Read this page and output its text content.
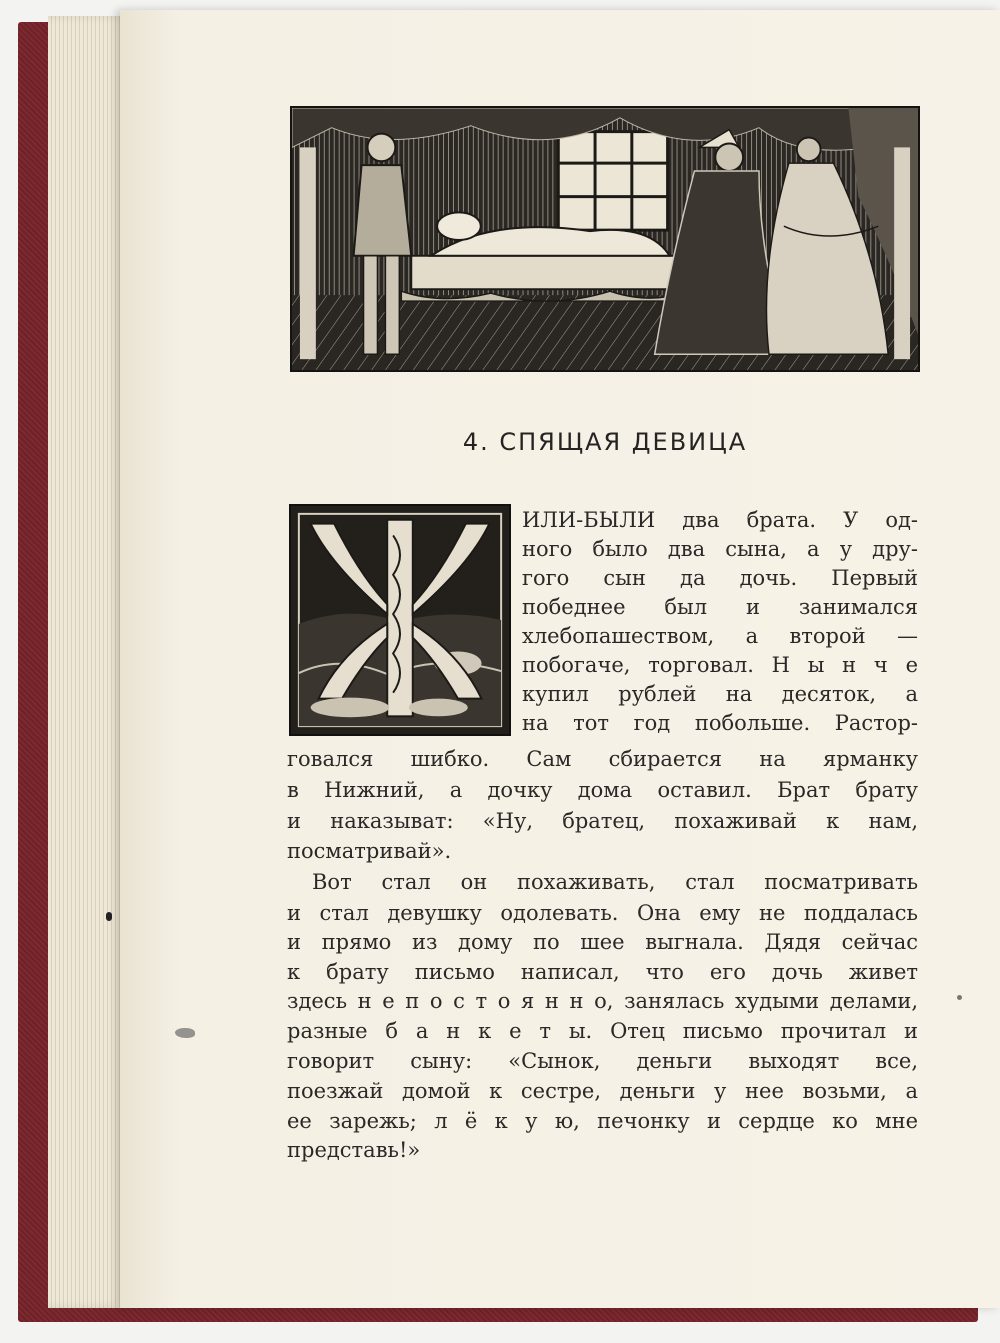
4. СПЯЩАЯ ДЕВИЦА
ИЛИ-БЫЛИ два брата. У од-
ного было два сына, а у дру-
гого сын да дочь. Первый
победнее был и занимался
хлебопашеством, а второй —
побогаче, торговал. Н ы н ч е
купил рублей на десяток, а
на тот год побольше. Растор-
говался шибко. Сам сбирается на ярманку
в Нижний, а дочку дома оставил. Брат брату
и наказыват: «Ну, братец, похаживай к нам,
посматривай».
Вот стал он похаживать, стал посматривать
и стал девушку одолевать. Она ему не поддалась
и прямо из дому по шее выгнала. Дядя сейчас
к брату письмо написал, что его дочь живет
здесь н е п о с т о я н н о, занялась худыми делами,
разные б а н к е т ы. Отец письмо прочитал и
говорит сыну: «Сынок, деньги выходят все,
поезжай домой к сестре, деньги у нее возьми, а
ее зарежь; л ё к у ю, печонку и сердце ко мне
представь!»
